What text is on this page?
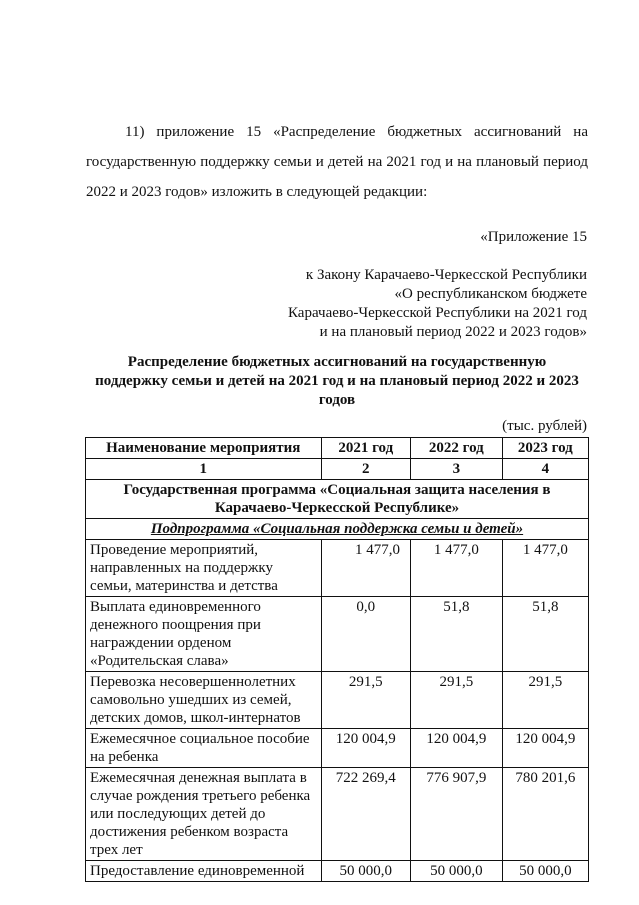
11) приложение 15 «Распределение бюджетных ассигнований на
государственную поддержку семьи и детей на 2021 год и на плановый период
2022 и 2023 годов» изложить в следующей редакции:
«Приложение 15
к Закону Карачаево-Черкесской Республики
«О республиканском бюджете
Карачаево-Черкесской Республики на 2021 год
и на плановый период 2022 и 2023 годов»
Распределение бюджетных ассигнований на государственную
поддержку семьи и детей на 2021 год и на плановый период 2022 и 2023
годов
(тыс. рублей)
Наименование мероприятия	2021 год	2022 год	2023 год
1	2	3	4

Государственная программа «Социальная защита населения в
Карачаево-Черкесской Республике»			

Подпрограмма «Социальная поддержка семьи и детей»			

Проведение мероприятий,
направленных на поддержку
семьи, материнства и детства	1 477,0	1 477,0	1 477,0

Выплата единовременного
денежного поощрения при
награждении орденом
«Родительская слава»	0,0	51,8	51,8

Перевозка несовершеннолетних
самовольно ушедших из семей,
детских домов, школ-интернатов	291,5	291,5	291,5

Ежемесячное социальное пособие
на ребенка	120 004,9	120 004,9	120 004,9

Ежемесячная денежная выплата в
случае рождения третьего ребенка
или последующих детей до
достижения ребенком возраста
трех лет	722 269,4	776 907,9	780 201,6

Предоставление единовременной	50 000,0	50 000,0	50 000,0
